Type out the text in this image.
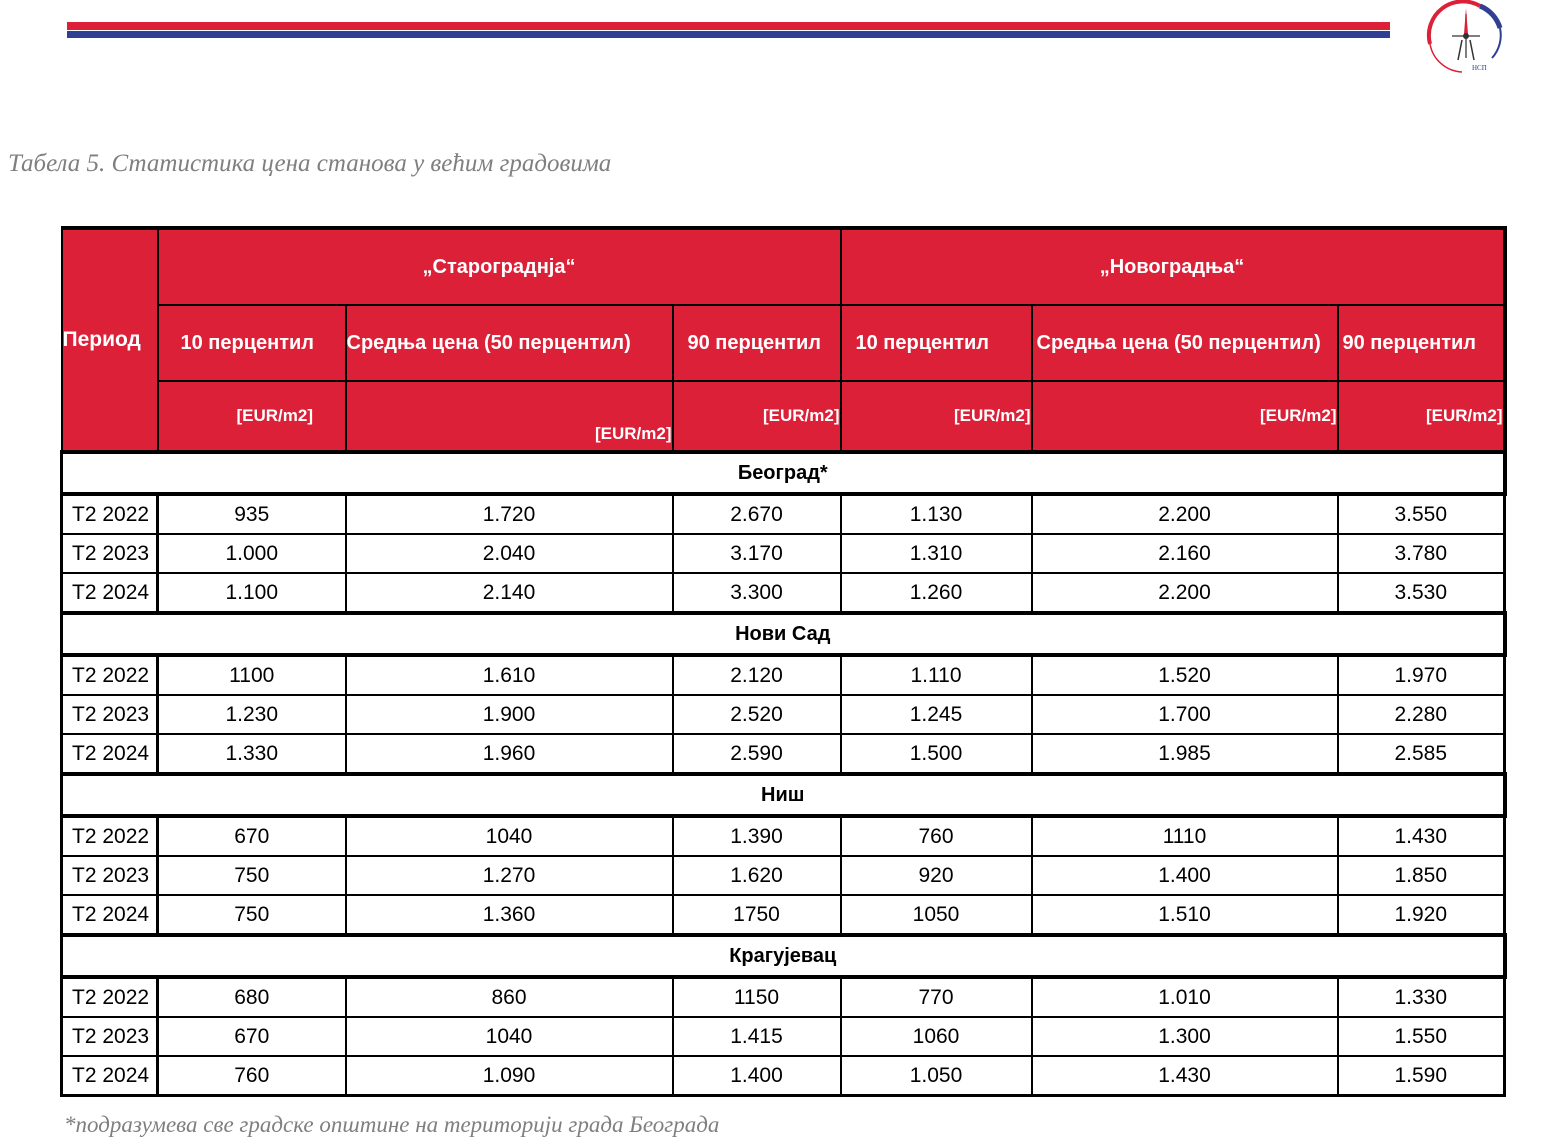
НСП
Табела 5. Статистика цена станова у већим градовима
Период	„Старограднја“			„Новоградња“		
	10 перцентил	Средња цена (50 перцентил)	90 перцентил	10 перцентил	Средња цена (50 перцентил)	90 перцентил
	[EUR/m2]	[EUR/m2]	[EUR/m2]	[EUR/m2]	[EUR/m2]	[EUR/m2]
Београд*						
Т2 2022	935	1.720	2.670	1.130	2.200	3.550
Т2 2023	1.000	2.040	3.170	1.310	2.160	3.780
Т2 2024	1.100	2.140	3.300	1.260	2.200	3.530
Нови Сад						
Т2 2022	1100	1.610	2.120	1.110	1.520	1.970
Т2 2023	1.230	1.900	2.520	1.245	1.700	2.280
Т2 2024	1.330	1.960	2.590	1.500	1.985	2.585
Ниш						
Т2 2022	670	1040	1.390	760	1110	1.430
Т2 2023	750	1.270	1.620	920	1.400	1.850
Т2 2024	750	1.360	1750	1050	1.510	1.920
Крагујевац						
Т2 2022	680	860	1150	770	1.010	1.330
Т2 2023	670	1040	1.415	1060	1.300	1.550
Т2 2024	760	1.090	1.400	1.050	1.430	1.590
*подразумева све градске општине на територији града Београда
